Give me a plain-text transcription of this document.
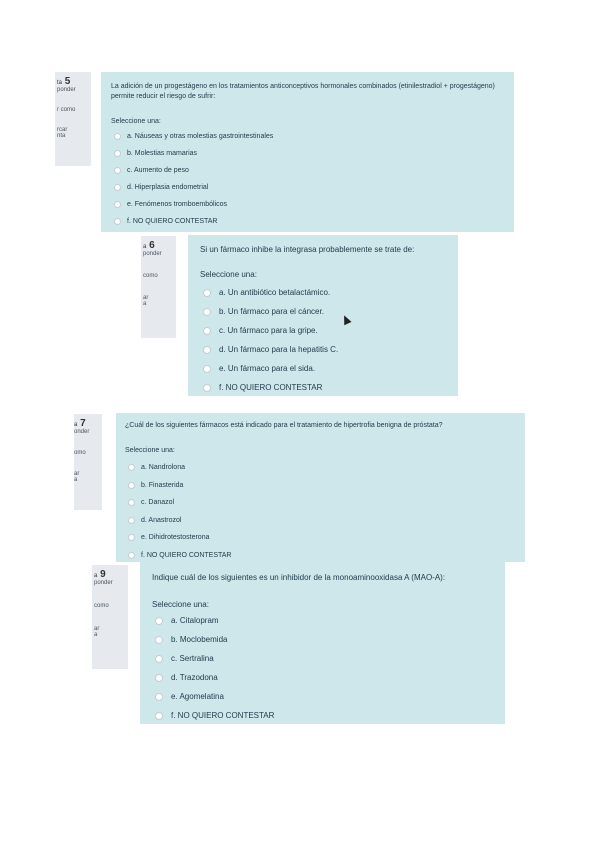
ta 5
ponder
r como
rcar
nta
La adición de un progestágeno en los tratamientos anticonceptivos hormonales combinados (etinilestradiol + progestágeno) permite reducir el riesgo de sufrir:
Seleccione una:
a. Náuseas y otras molestias gastrointestinales
b. Molestias mamarias
c. Aumento de peso
d. Hiperplasia endometrial
e. Fenómenos tromboembólicos
f. NO QUIERO CONTESTAR
a 6
ponder
como
ar
a
Si un fármaco inhibe la integrasa probablemente se trate de:
Seleccione una:
a. Un antibiótico betalactámico.
b. Un fármaco para el cáncer.
c. Un fármaco para la gripe.
d. Un fármaco para la hepatitis C.
e. Un fármaco para el sida.
f. NO QUIERO CONTESTAR
a 7
onder
omo
ar
a
¿Cuál de los siguientes fármacos está indicado para el tratamiento de hipertrofia benigna de próstata?
Seleccione una:
a. Nandrolona
b. Finasterida
c. Danazol
d. Anastrozol
e. Dihidrotestosterona
f. NO QUIERO CONTESTAR
a 9
ponder
como
ar
a
Indique cuál de los siguientes es un inhibidor de la monoaminooxidasa A (MAO-A):
Seleccione una:
a. Citalopram
b. Moclobemida
c. Sertralina
d. Trazodona
e. Agomelatina
f. NO QUIERO CONTESTAR
